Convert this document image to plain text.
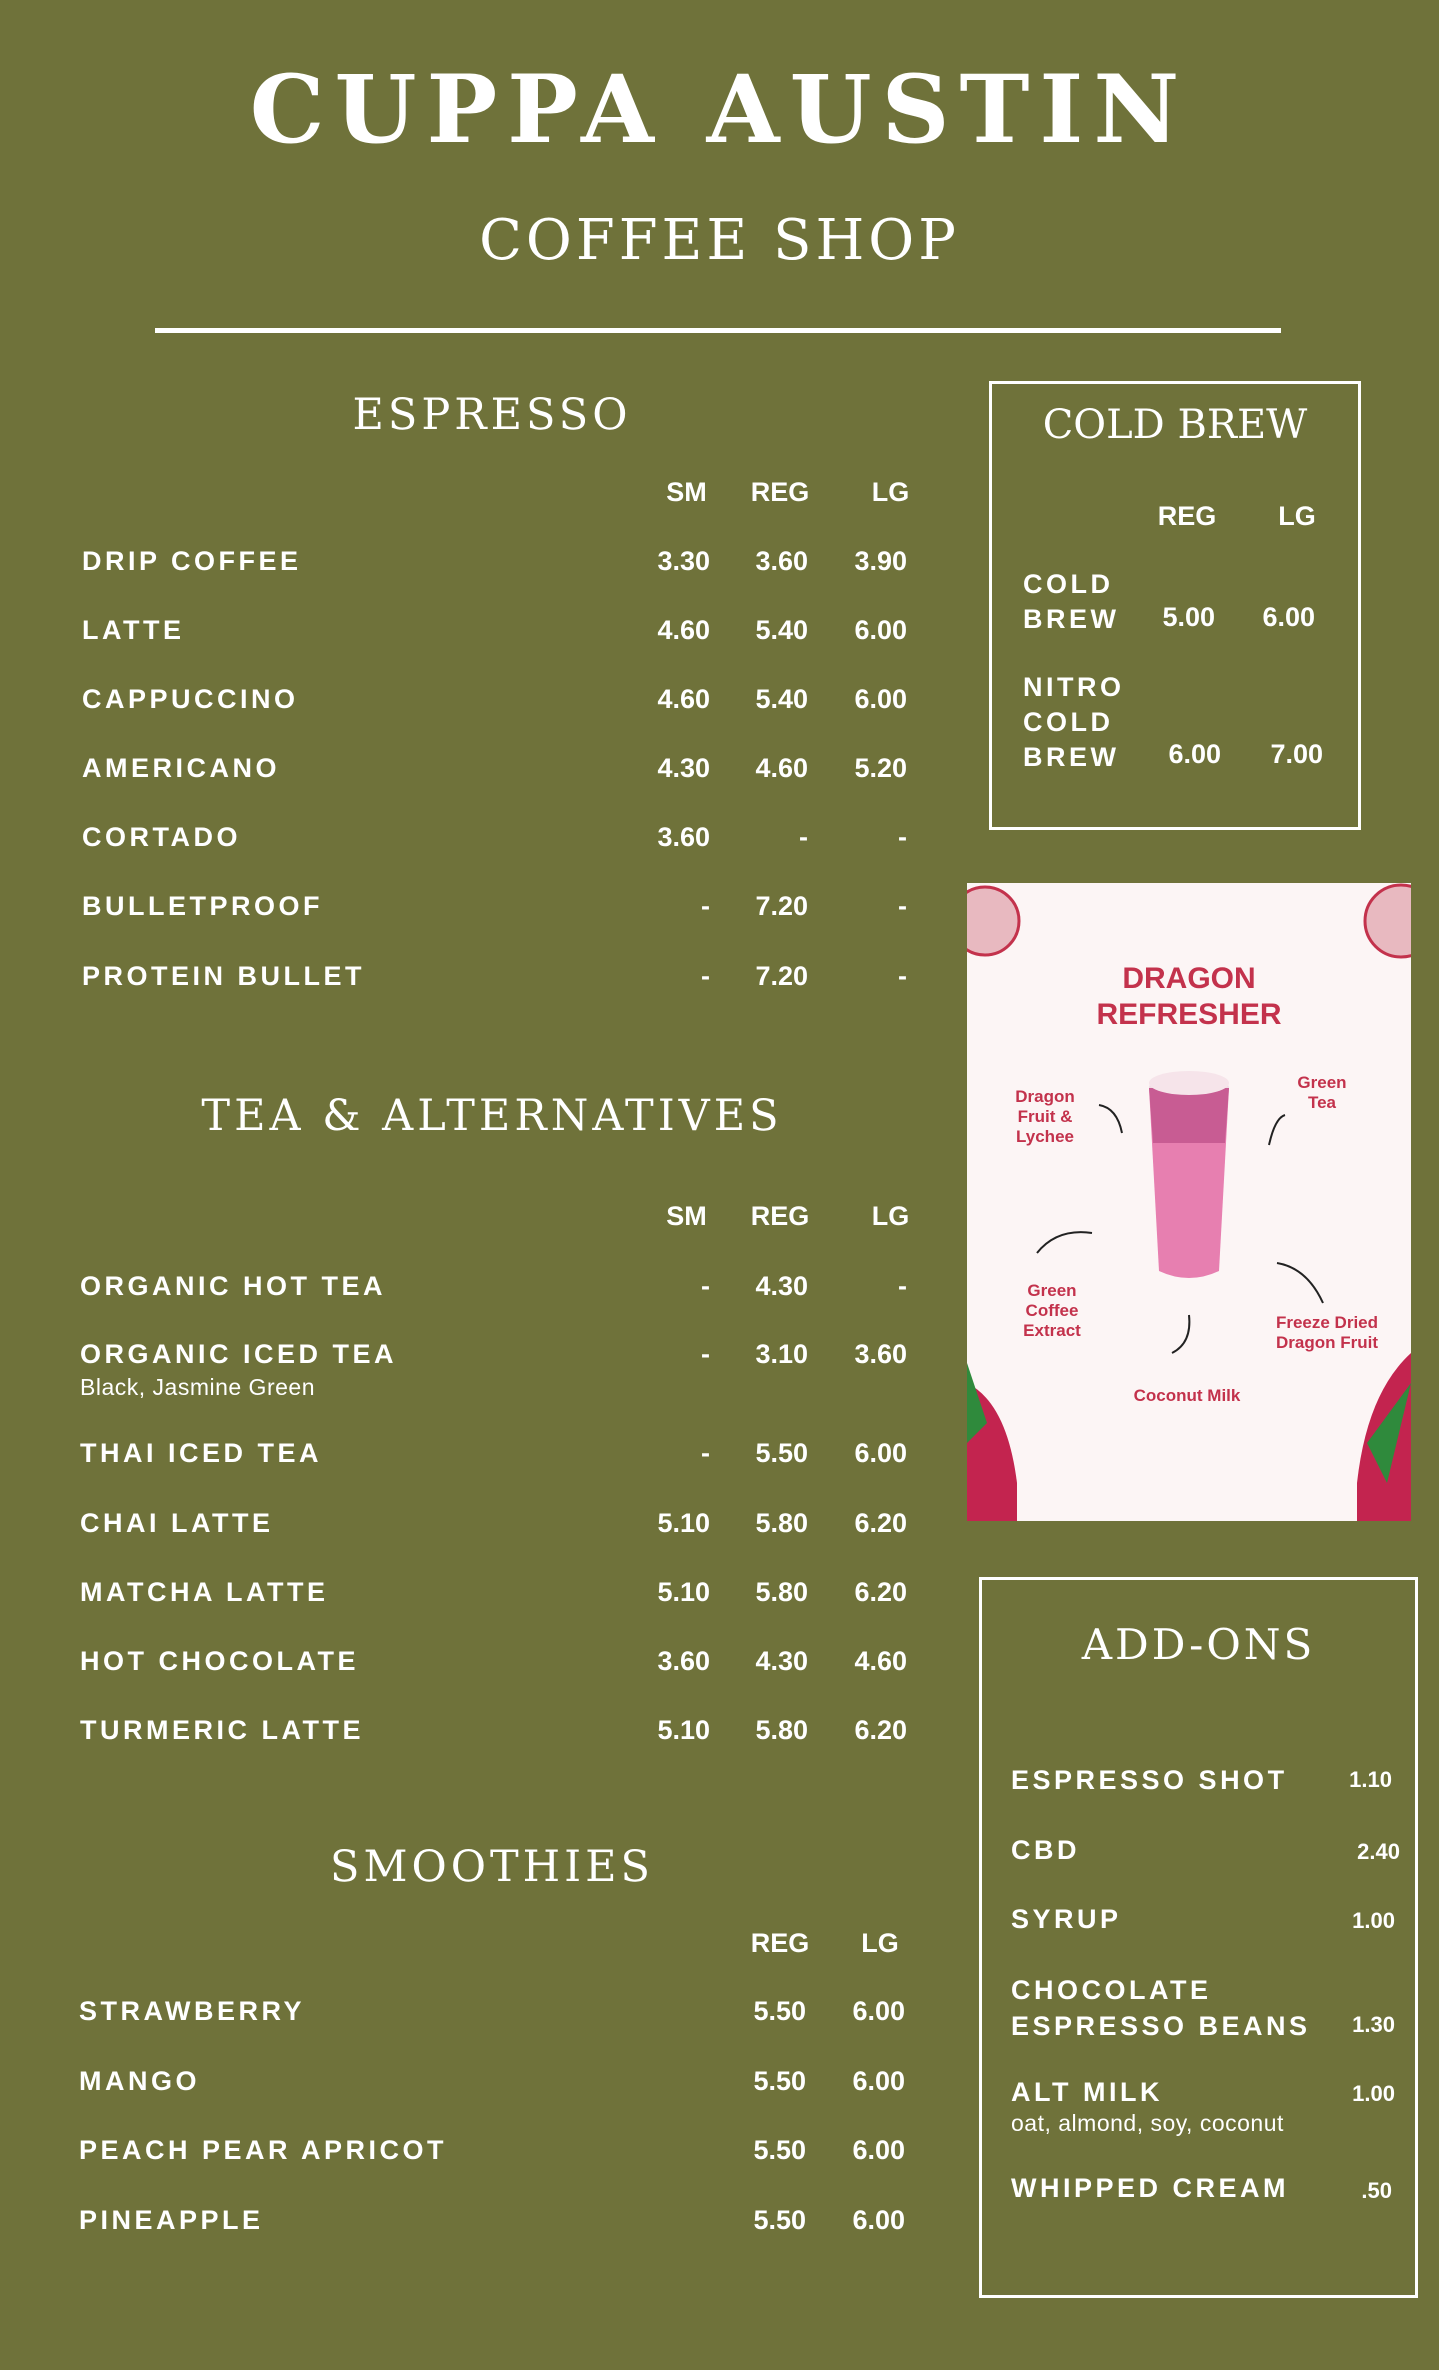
CUPPA AUSTIN
COFFEE SHOP
ESPRESSO
SM REG LG
DRIP COFFEE	3.30	3.60	3.90
LATTE	4.60	5.40	6.00
CAPPUCCINO	4.60	5.40	6.00
AMERICANO	4.30	4.60	5.20
CORTADO	3.60	-	-
BULLETPROOF	-	7.20	-
PROTEIN BULLET	-	7.20	-
TEA & ALTERNATIVES
SM REG LG
ORGANIC HOT TEA	-	4.30	-
ORGANIC ICED TEA
Black, Jasmine Green
-	3.10	3.60
THAI ICED TEA	-	5.50	6.00
CHAI LATTE	5.10	5.80	6.20
MATCHA LATTE	5.10	5.80	6.20
HOT CHOCOLATE	3.60	4.30	4.60
TURMERIC LATTE	5.10	5.80	6.20
SMOOTHIES
REG	LG
STRAWBERRY	5.50	6.00
MANGO	5.50	6.00
PEACH PEAR APRICOT	5.50	6.00
PINEAPPLE	5.50	6.00
COLD BREW
REG LG
COLD
BREW	5.00	6.00
NITRO
COLD
BREW	6.00	7.00
DRAGON
REFRESHER
Dragon
Fruit &
Lychee
Green
Tea
Green
Coffee
Extract	Freeze Dried
Dragon Fruit
Coconut Milk
ADD-ONS
ESPRESSO SHOT	1.10
CBD	2.40
SYRUP	1.00
CHOCOLATE
ESPRESSO BEANS	1.30
ALT MILK
oat, almond, soy, coconut
1.00
WHIPPED CREAM	.50
